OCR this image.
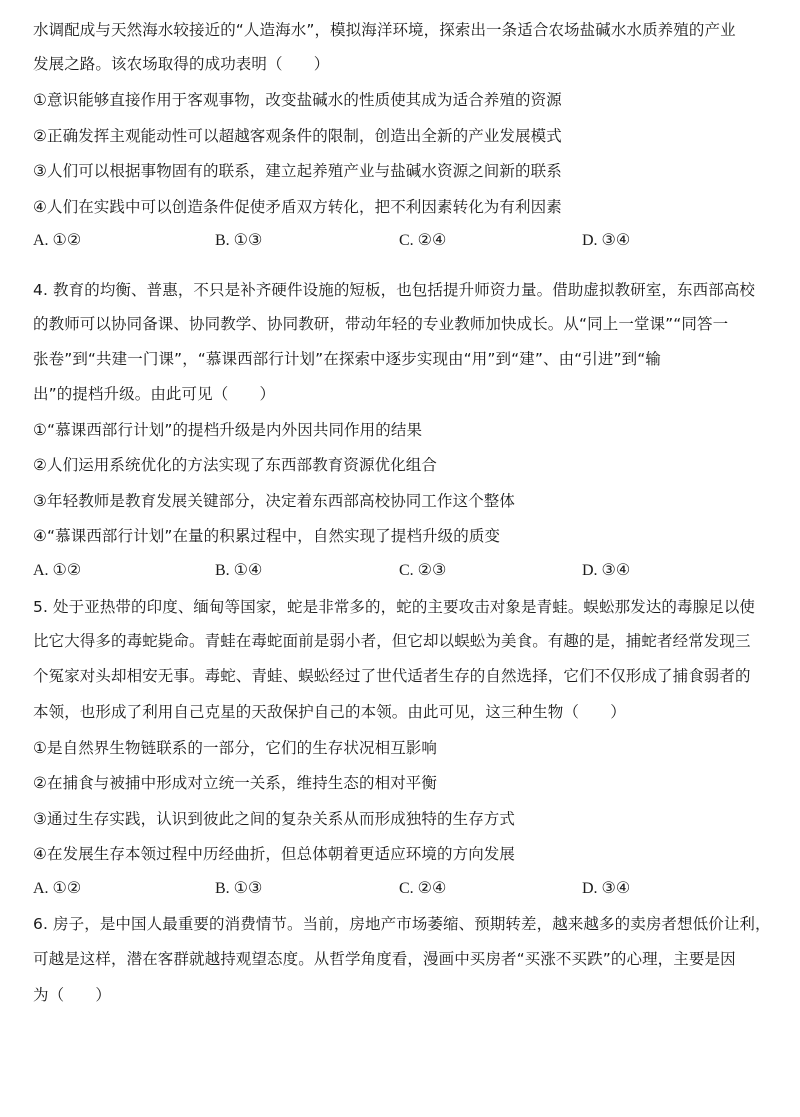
水调配成与天然海水较接近的“人造海水”，模拟海洋环境，探索出一条适合农场盐碱水水质养殖的产业
发展之路。该农场取得的成功表明（　　）
①意识能够直接作用于客观事物，改变盐碱水的性质使其成为适合养殖的资源
②正确发挥主观能动性可以超越客观条件的限制，创造出全新的产业发展模式
③人们可以根据事物固有的联系，建立起养殖产业与盐碱水资源之间新的联系
④人们在实践中可以创造条件促使矛盾双方转化，把不利因素转化为有利因素
A. ①②	B. ①③	C. ②④	D. ③④
4. 教育的均衡、普惠，不只是补齐硬件设施的短板，也包括提升师资力量。借助虚拟教研室，东西部高校
的教师可以协同备课、协同教学、协同教研，带动年轻的专业教师加快成长。从“同上一堂课”“同答一
张卷”到“共建一门课”，“慕课西部行计划”在探索中逐步实现由“用”到“建”、由“引进”到“输
出”的提档升级。由此可见（　　）
①“慕课西部行计划”的提档升级是内外因共同作用的结果
②人们运用系统优化的方法实现了东西部教育资源优化组合
③年轻教师是教育发展关键部分，决定着东西部高校协同工作这个整体
④“慕课西部行计划”在量的积累过程中，自然实现了提档升级的质变
A. ①②	B. ①④	C. ②③	D. ③④
5. 处于亚热带的印度、缅甸等国家，蛇是非常多的，蛇的主要攻击对象是青蛙。蜈蚣那发达的毒腺足以使
比它大得多的毒蛇毙命。青蛙在毒蛇面前是弱小者，但它却以蜈蚣为美食。有趣的是，捕蛇者经常发现三
个冤家对头却相安无事。毒蛇、青蛙、蜈蚣经过了世代适者生存的自然选择，它们不仅形成了捕食弱者的
本领，也形成了利用自己克星的天敌保护自己的本领。由此可见，这三种生物（　　）
①是自然界生物链联系的一部分，它们的生存状况相互影响
②在捕食与被捕中形成对立统一关系，维持生态的相对平衡
③通过生存实践，认识到彼此之间的复杂关系从而形成独特的生存方式
④在发展生存本领过程中历经曲折，但总体朝着更适应环境的方向发展
A. ①②	B. ①③	C. ②④	D. ③④
6. 房子，是中国人最重要的消费情节。当前，房地产市场萎缩、预期转差，越来越多的卖房者想低价让利，
可越是这样，潜在客群就越持观望态度。从哲学角度看，漫画中买房者“买涨不买跌”的心理，主要是因
为（　　）
